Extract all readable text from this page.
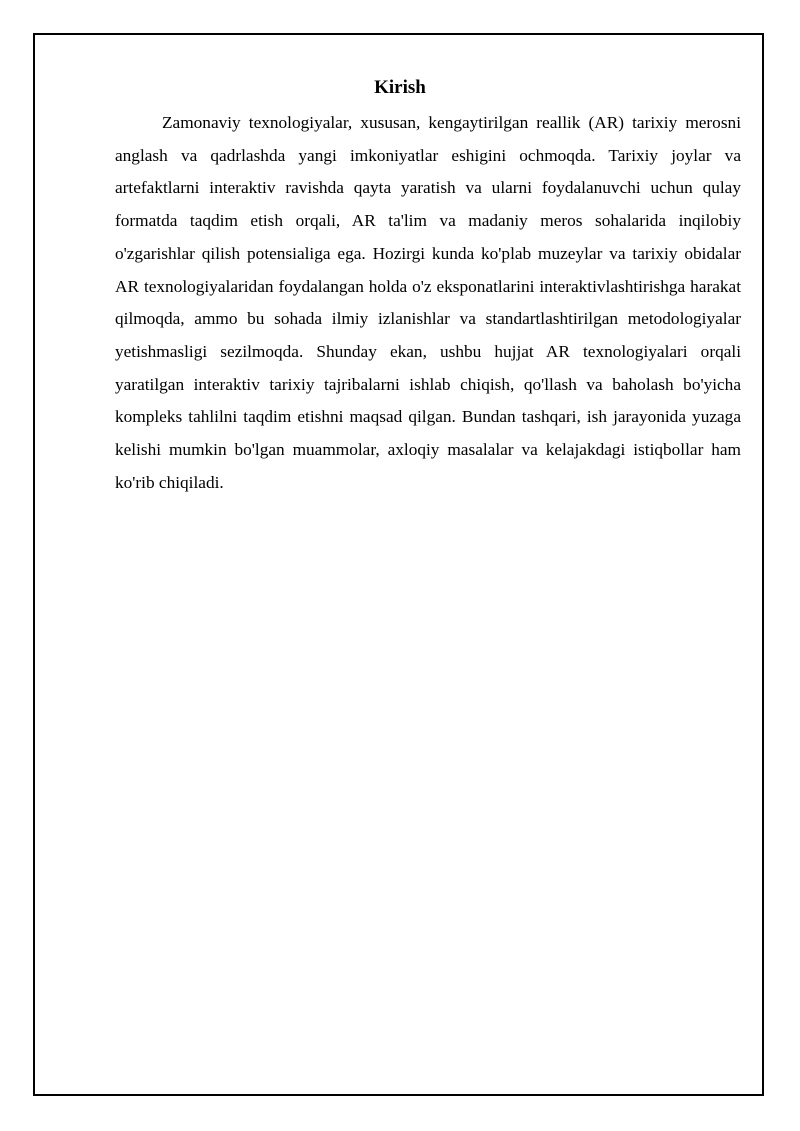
Kirish

Zamonaviy texnologiyalar, xususan, kengaytirilgan reallik (AR) tarixiy merosni anglash va qadrlashda yangi imkoniyatlar eshigini ochmoqda. Tarixiy joylar va artefaktlarni interaktiv ravishda qayta yaratish va ularni foydalanuvchi uchun qulay formatda taqdim etish orqali, AR ta'lim va madaniy meros sohalarida inqilobiy o'zgarishlar qilish potensialiga ega. Hozirgi kunda ko'plab muzeylar va tarixiy obidalar AR texnologiyalaridan foydalangan holda o'z eksponatlarini interaktivlashtirishga harakat qilmoqda, ammo bu sohada ilmiy izlanishlar va standartlashtirilgan metodologiyalar yetishmasligi sezilmoqda. Shunday ekan, ushbu hujjat AR texnologiyalari orqali yaratilgan interaktiv tarixiy tajribalarni ishlab chiqish, qo'llash va baholash bo'yicha kompleks tahlilni taqdim etishni maqsad qilgan. Bundan tashqari, ish jarayonida yuzaga kelishi mumkin bo'lgan muammolar, axloqiy masalalar va kelajakdagi istiqbollar ham ko'rib chiqiladi.
